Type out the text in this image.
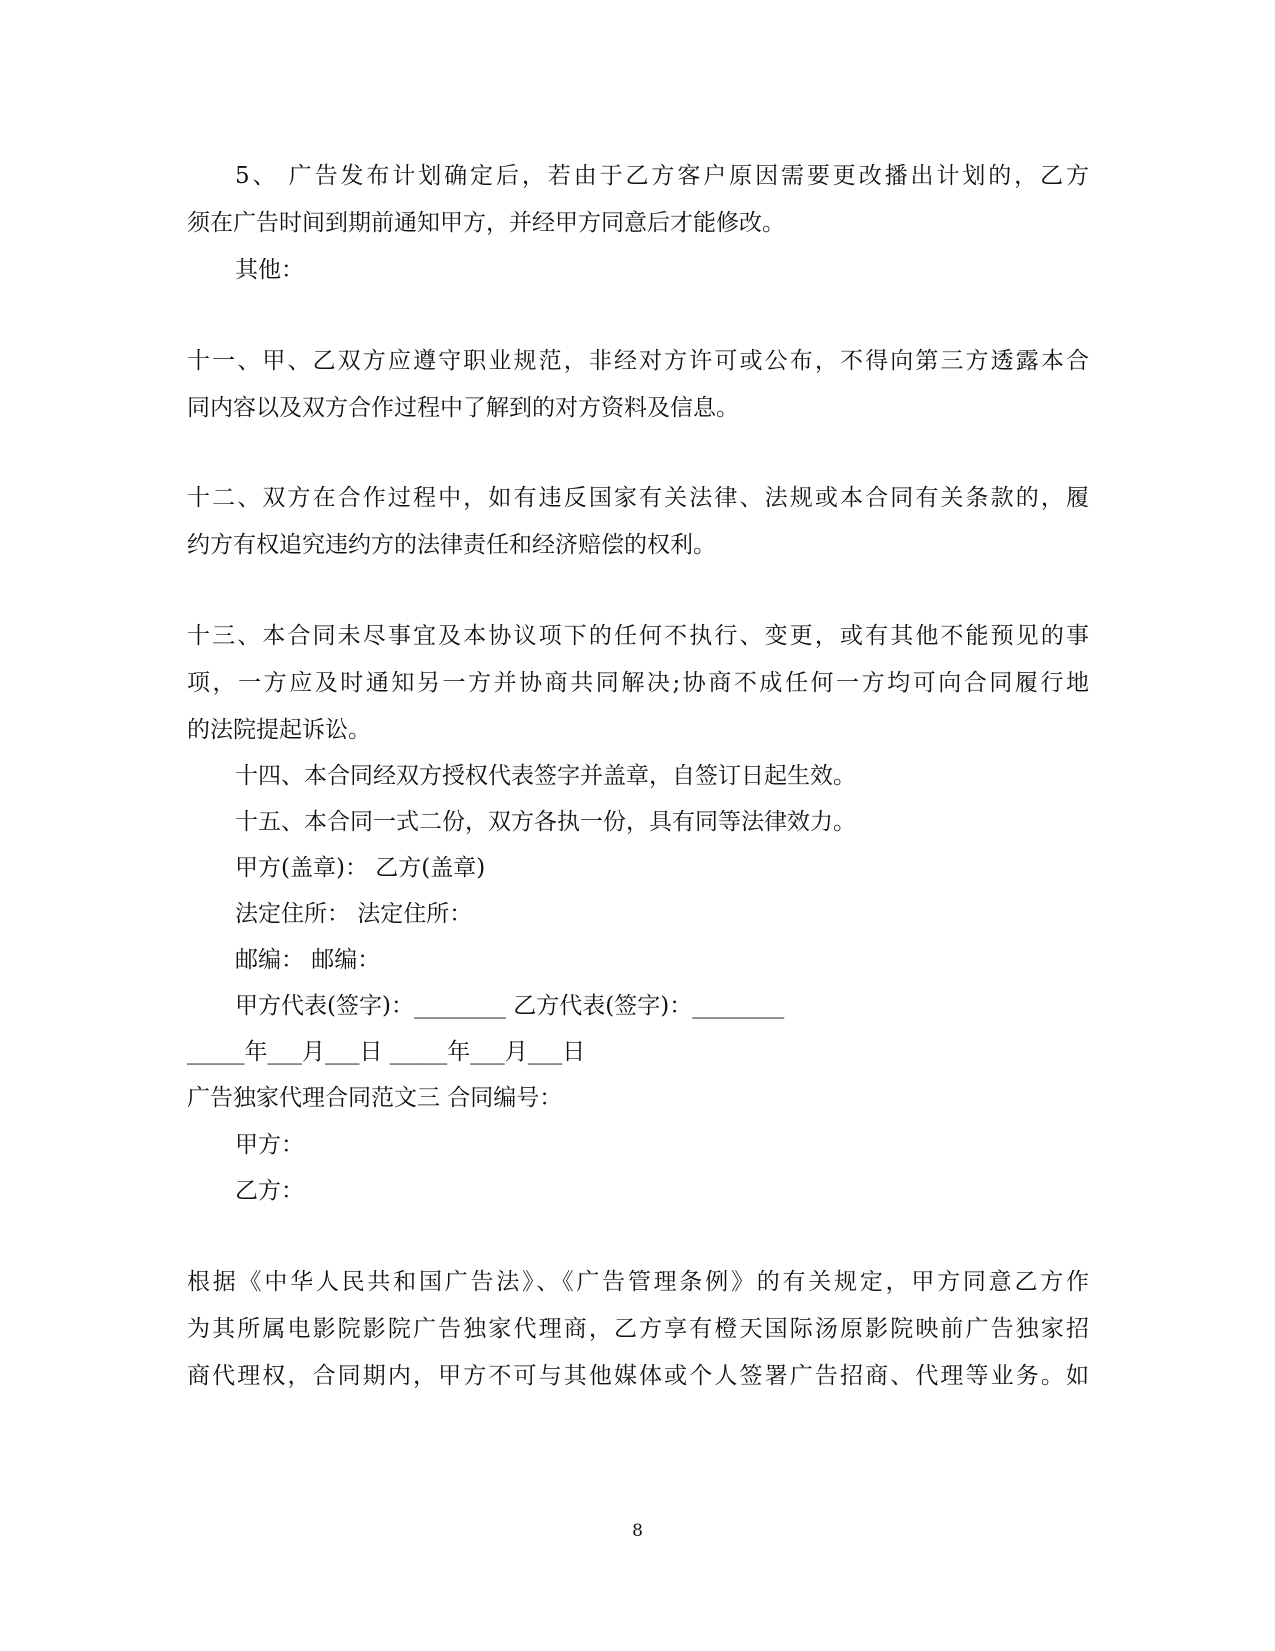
5、 广告发布计划确定后，若由于乙方客户原因需要更改播出计划的，乙方
须在广告时间到期前通知甲方，并经甲方同意后才能修改。
其他：
十一、甲、乙双方应遵守职业规范，非经对方许可或公布，不得向第三方透露本合
同内容以及双方合作过程中了解到的对方资料及信息。
十二、双方在合作过程中，如有违反国家有关法律、法规或本合同有关条款的，履
约方有权追究违约方的法律责任和经济赔偿的权利。
十三、本合同未尽事宜及本协议项下的任何不执行、变更，或有其他不能预见的事
项，一方应及时通知另一方并协商共同解决;协商不成任何一方均可向合同履行地
的法院提起诉讼。
十四、本合同经双方授权代表签字并盖章，自签订日起生效。
十五、本合同一式二份，双方各执一份，具有同等法律效力。
甲方(盖章)： 乙方(盖章)
法定住所： 法定住所：
邮编： 邮编：
甲方代表(签字)：________ 乙方代表(签字)：________
_____年___月___日 _____年___月___日
广告独家代理合同范文三 合同编号：
甲方：
乙方：
根据《中华人民共和国广告法》、《广告管理条例》的有关规定，甲方同意乙方作
为其所属电影院影院广告独家代理商，乙方享有橙天国际汤原影院映前广告独家招
商代理权，合同期内，甲方不可与其他媒体或个人签署广告招商、代理等业务。如
8
